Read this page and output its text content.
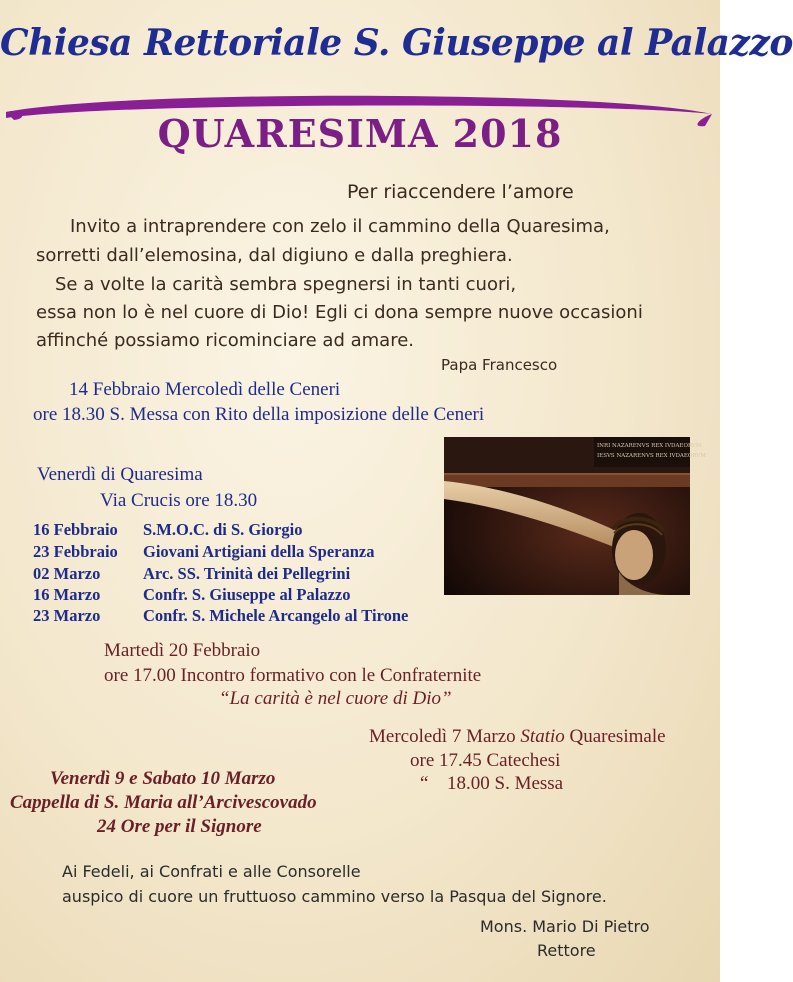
Chiesa Rettoriale S. Giuseppe al Palazzo
QUARESIMA 2018
Per riaccendere l’amore
Invito a intraprendere con zelo il cammino della Quaresima,
sorretti dall’elemosina, dal digiuno e dalla preghiera.
Se a volte la carità sembra spegnersi in tanti cuori,
essa non lo è nel cuore di Dio! Egli ci dona sempre nuove occasioni
affinché possiamo ricominciare ad amare.
Papa Francesco
14 Febbraio Mercoledì delle Ceneri
ore 18.30 S. Messa con Rito della imposizione delle Ceneri
INRI NAZARENVS REX IVDAEORVM
IESVS NAZARENVS REX IVDAEORVM
Venerdì di Quaresima
Via Crucis ore 18.30
16 Febbraio S.M.O.C. di S. Giorgio
23 Febbraio Giovani Artigiani della Speranza
02 Marzo	Arc. SS. Trinità dei Pellegrini
16 Marzo	Confr. S. Giuseppe al Palazzo
23 Marzo	Confr. S. Michele Arcangelo al Tirone
Martedì 20 Febbraio
ore 17.00 Incontro formativo con le Confraternite
“La carità è nel cuore di Dio”
Mercoledì 7 Marzo Statio Quaresimale
ore 17.45 Catechesi
“ 18.00 S. Messa
Venerdì 9 e Sabato 10 Marzo
Cappella di S. Maria all’Arcivescovado
24 Ore per il Signore
Ai Fedeli, ai Confrati e alle Consorelle
auspico di cuore un fruttuoso cammino verso la Pasqua del Signore.
Mons. Mario Di Pietro
Rettore
